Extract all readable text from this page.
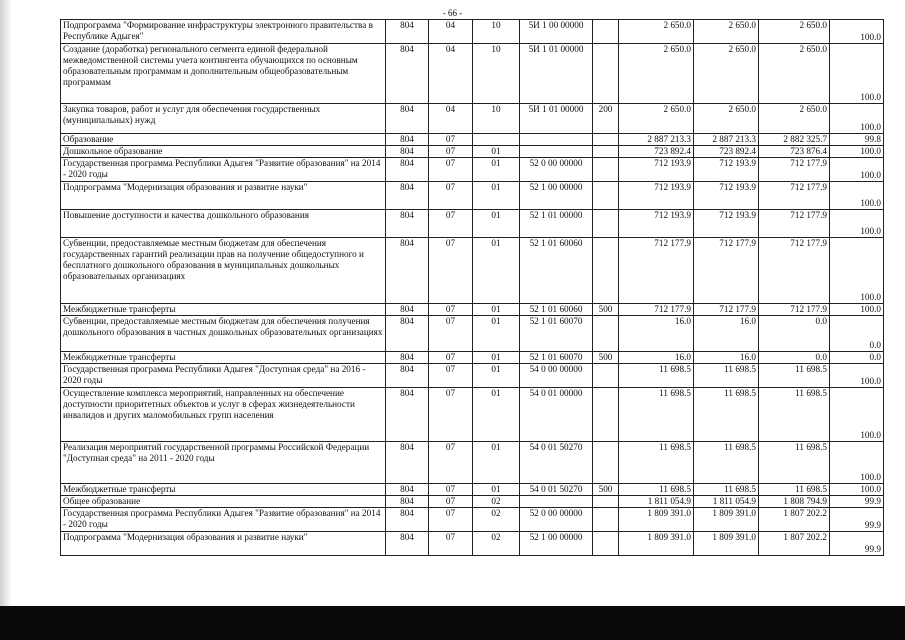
- 66 -
Подпрограмма "Формирование инфраструктуры электронного правительства в Республике Адыгея"	804	04	10	5И 1 00 00000		2 650.0	2 650.0	2 650.0	100.0
Создание (доработка) регионального сегмента единой федеральной межведомственной системы учета контингента обучающихся по основным образовательным программам и дополнительным общеобразовательным программам	804	04	10	5И 1 01 00000		2 650.0	2 650.0	2 650.0	100.0
Закупка товаров, работ и услуг для обеспечения государственных (муниципальных) нужд	804	04	10	5И 1 01 00000	200	2 650.0	2 650.0	2 650.0	100.0
Образование	804	07				2 887 213.3	2 887 213.3	2 882 325.7	99.8
Дошкольное образование	804	07	01			723 892.4	723 892.4	723 876.4	100.0
Государственная программа Республики Адыгея "Развитие образования" на 2014 - 2020 годы	804	07	01	52 0 00 00000		712 193.9	712 193.9	712 177.9	100.0
Подпрограмма "Модернизация образования и развитие науки"	804	07	01	52 1 00 00000		712 193.9	712 193.9	712 177.9	100.0
Повышение доступности и качества дошкольного образования	804	07	01	52 1 01 00000		712 193.9	712 193.9	712 177.9	100.0
Субвенции, предоставляемые местным бюджетам для обеспечения государственных гарантий реализации прав на получение общедоступного и бесплатного дошкольного образования в муниципальных дошкольных образовательных организациях	804	07	01	52 1 01 60060		712 177.9	712 177.9	712 177.9	100.0
Межбюджетные трансферты	804	07	01	52 1 01 60060	500	712 177.9	712 177.9	712 177.9	100.0
Субвенции, предоставляемые местным бюджетам для обеспечения получения дошкольного образования в частных дошкольных образовательных организациях	804	07	01	52 1 01 60070		16.0	16.0	0.0	0.0
Межбюджетные трансферты	804	07	01	52 1 01 60070	500	16.0	16.0	0.0	0.0
Государственная программа Республики Адыгея "Доступная среда" на 2016 - 2020 годы	804	07	01	54 0 00 00000		11 698.5	11 698.5	11 698.5	100.0
Осуществление комплекса мероприятий, направленных на обеспечение доступности приоритетных объектов и услуг в сферах жизнедеятельности инвалидов и других маломобильных групп населения	804	07	01	54 0 01 00000		11 698.5	11 698.5	11 698.5	100.0
Реализация мероприятий государственной программы Российской Федерации "Доступная среда" на 2011 - 2020 годы	804	07	01	54 0 01 50270		11 698.5	11 698.5	11 698.5	100.0
Межбюджетные трансферты	804	07	01	54 0 01 50270	500	11 698.5	11 698.5	11 698.5	100.0
Общее образование	804	07	02			1 811 054.9	1 811 054.9	1 808 794.9	99.9
Государственная программа Республики Адыгея "Развитие образования" на 2014 - 2020 годы	804	07	02	52 0 00 00000		1 809 391.0	1 809 391.0	1 807 202.2	99.9
Подпрограмма "Модернизация образования и развитие науки"	804	07	02	52 1 00 00000		1 809 391.0	1 809 391.0	1 807 202.2	99.9
